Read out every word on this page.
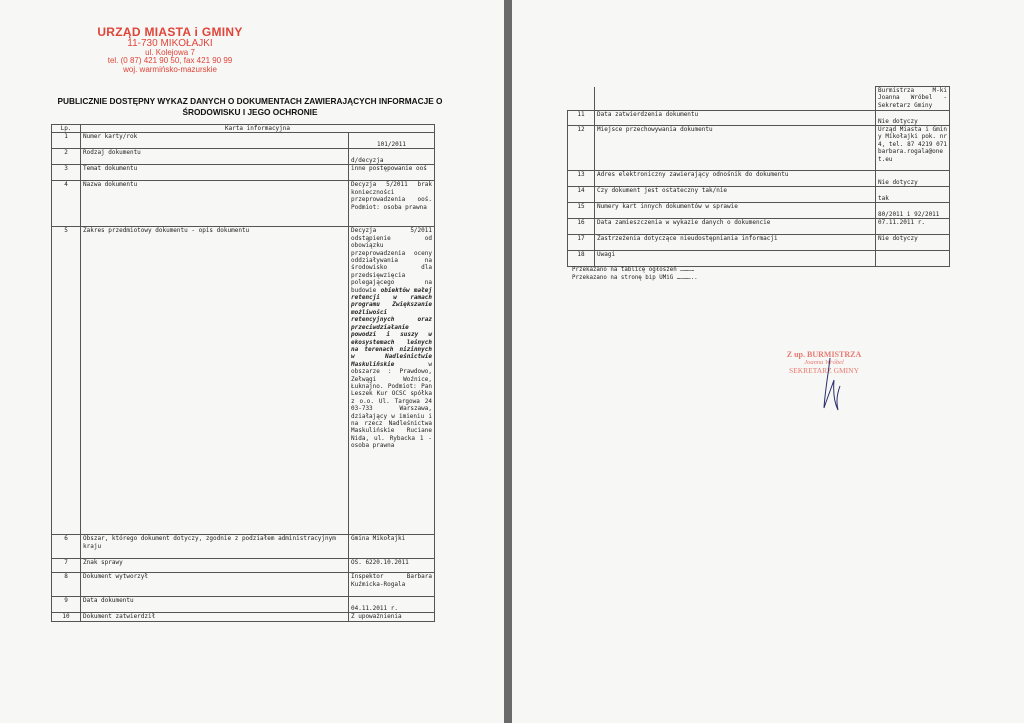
URZĄD MIASTA i GMINY
11-730 MIKOŁAJKI
ul. Kolejowa 7
tel. (0 87) 421 90 50, fax 421 90 99
woj. warmińsko-mazurskie
PUBLICZNIE DOSTĘPNY WYKAZ DANYCH O DOKUMENTACH ZAWIERAJĄCYCH INFORMACJE O ŚRODOWISKU I JEGO OCHRONIE
Lp.	Karta informacyjna	
1	Numer karty/rok	101/2011
2	Rodzaj dokumentu	d/decyzja
3	Temat dokumentu	inne postępowanie ooś
4	Nazwa dokumentu	Decyzja 5/2011 brak konieczności przeprowadzenia ooś. Podmiot: osoba prawna
5	Zakres przedmiotowy dokumentu - opis dokumentu	Decyzja 5/2011 odstąpienie od obowiązku przeprowadzenia oceny oddziaływania na środowisko dla przedsięwzięcia polegającego na budowie obiektów małej retencji w ramach programu Zwiększanie możliwości retencyjnych oraz przeciwdziałanie powodzi i suszy w ekosystemach leśnych na terenach nizinnych w Nadleśnictwie Maskulińskie w obszarze : Prawdowo, Zełwągi Woźnice, Łuknajno. Podmiot: Pan Leszek Kur OCSC spółka z o.o. Ul. Targowa 24 03-733 Warszawa, działający w imieniu i na rzecz Nadleśnictwa Maskulińskie Ruciane Nida, ul. Rybacka 1 - osoba prawna
6	Obszar, którego dokument dotyczy, zgodnie z podziałem administracyjnym kraju	Gmina Mikołajki
7	Znak sprawy	OS. 6220.10.2011
8	Dokument wytworzył	Inspektor Barbara Kuźmicka-Rogala
9	Data dokumentu	04.11.2011 r.
10	Dokument zatwierdził	Z upoważnienia
		Burmistrza M-ki Joanna Wróbel - Sekretarz Gminy
11	Data zatwierdzenia dokumentu	Nie dotyczy
12	Miejsce przechowywania dokumentu	Urząd Miasta i Gminy Mikołajki pok. nr 4, tel. 87 4219 071 barbara.rogala@onet.eu
13	Adres elektroniczny zawierający odnośnik do dokumentu	Nie dotyczy
14	Czy dokument jest ostateczny tak/nie	tak
15	Numery kart innych dokumentów w sprawie	80/2011 i 92/2011
16	Data zamieszczenia w wykazie danych o dokumencie	07.11.2011 r.
17	Zastrzeżenia dotyczące nieudostępniania informacji	Nie dotyczy
18	Uwagi	
Przekazano na tablicę ogłoszeń …………
Przekazano na stronę bip UMiG …………..
Z up. BURMISTRZA
Joanna Wróbel
SEKRETARZ GMINY
